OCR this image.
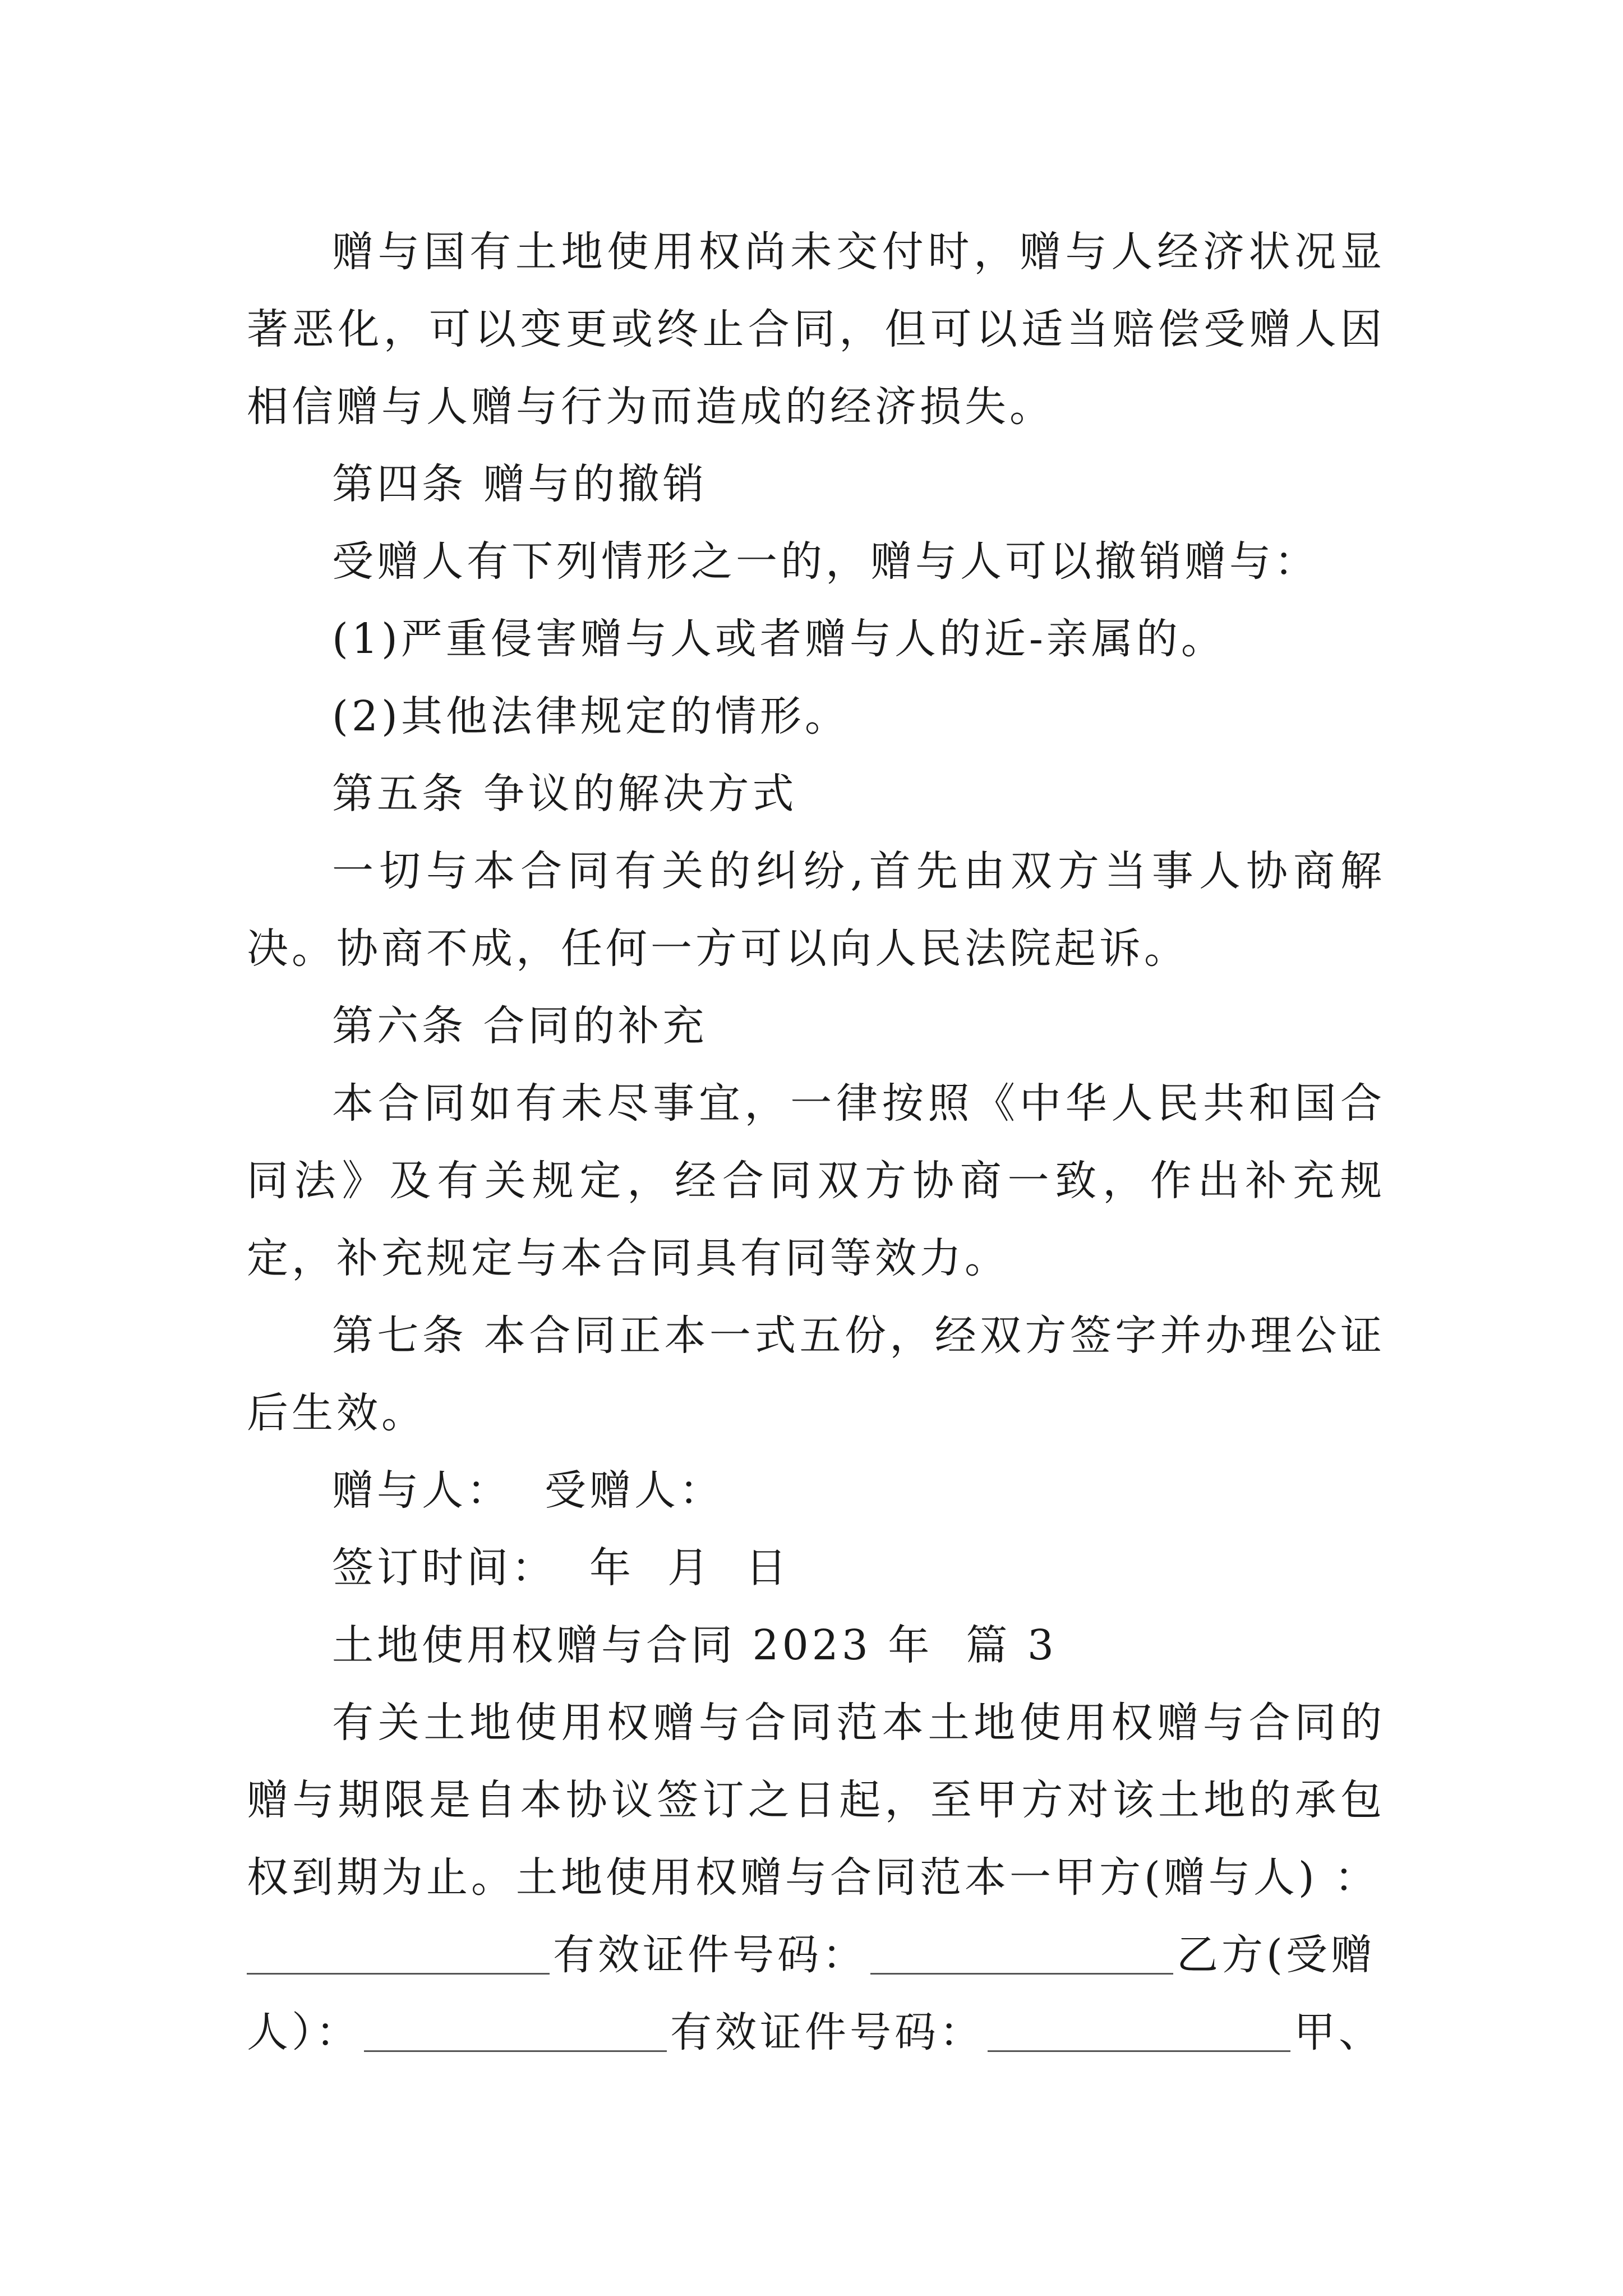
赠与国有土地使用权尚未交付时，赠与人经济状况显著恶化，可以变更或终止合同，但可以适当赔偿受赠人因相信赠与人赠与行为而造成的经济损失。

第四条 赠与的撤销

受赠人有下列情形之一的，赠与人可以撤销赠与：

(1)严重侵害赠与人或者赠与人的近-亲属的。

(2)其他法律规定的情形。

第五条 争议的解决方式

一切与本合同有关的纠纷,首先由双方当事人协商解决。协商不成，任何一方可以向人民法院起诉。

第六条 合同的补充

本合同如有未尽事宜，一律按照《中华人民共和国合同法》及有关规定，经合同双方协商一致，作出补充规定，补充规定与本合同具有同等效力。

第七条 本合同正本一式五份，经双方签字并办理公证后生效。

赠与人：  受赠人：

签订时间：  年  月  日

土地使用权赠与合同 2023 年  篇 3

有关土地使用权赠与合同范本土地使用权赠与合同的赠与期限是自本协议签订之日起，至甲方对该土地的承包权到期为止。土地使用权赠与合同范本一甲方(赠与人) ：

有效证件号码：	乙方(受赠
人）：	有效证件号码：	甲、
